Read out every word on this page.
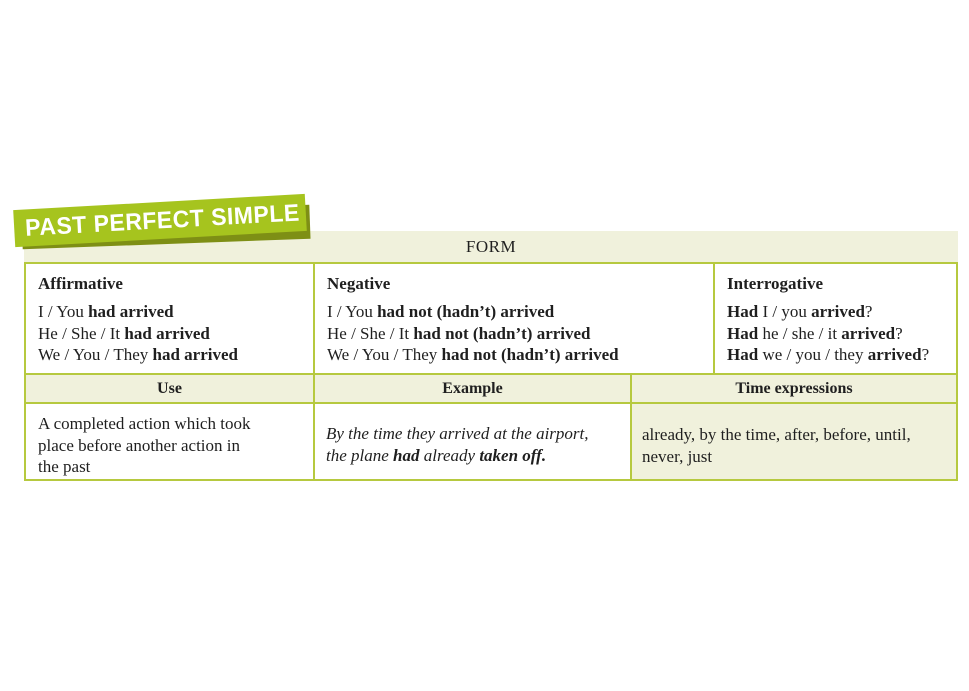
PAST PERFECT SIMPLE
FORM
Affirmative
I / You had arrived
He / She / It had arrived
We / You / They had arrived
Negative
I / You had not (hadn’t) arrived
He / She / It had not (hadn’t) arrived
We / You / They had not (hadn’t) arrived
Interrogative
Had I / you arrived?
Had he / she / it arrived?
Had we / you / they arrived?
Use	Example	Time expressions
A completed action which took
place before another action in
the past
By the time they arrived at the airport,
the plane had already taken off.
already, by the time, after, before, until,
never, just
